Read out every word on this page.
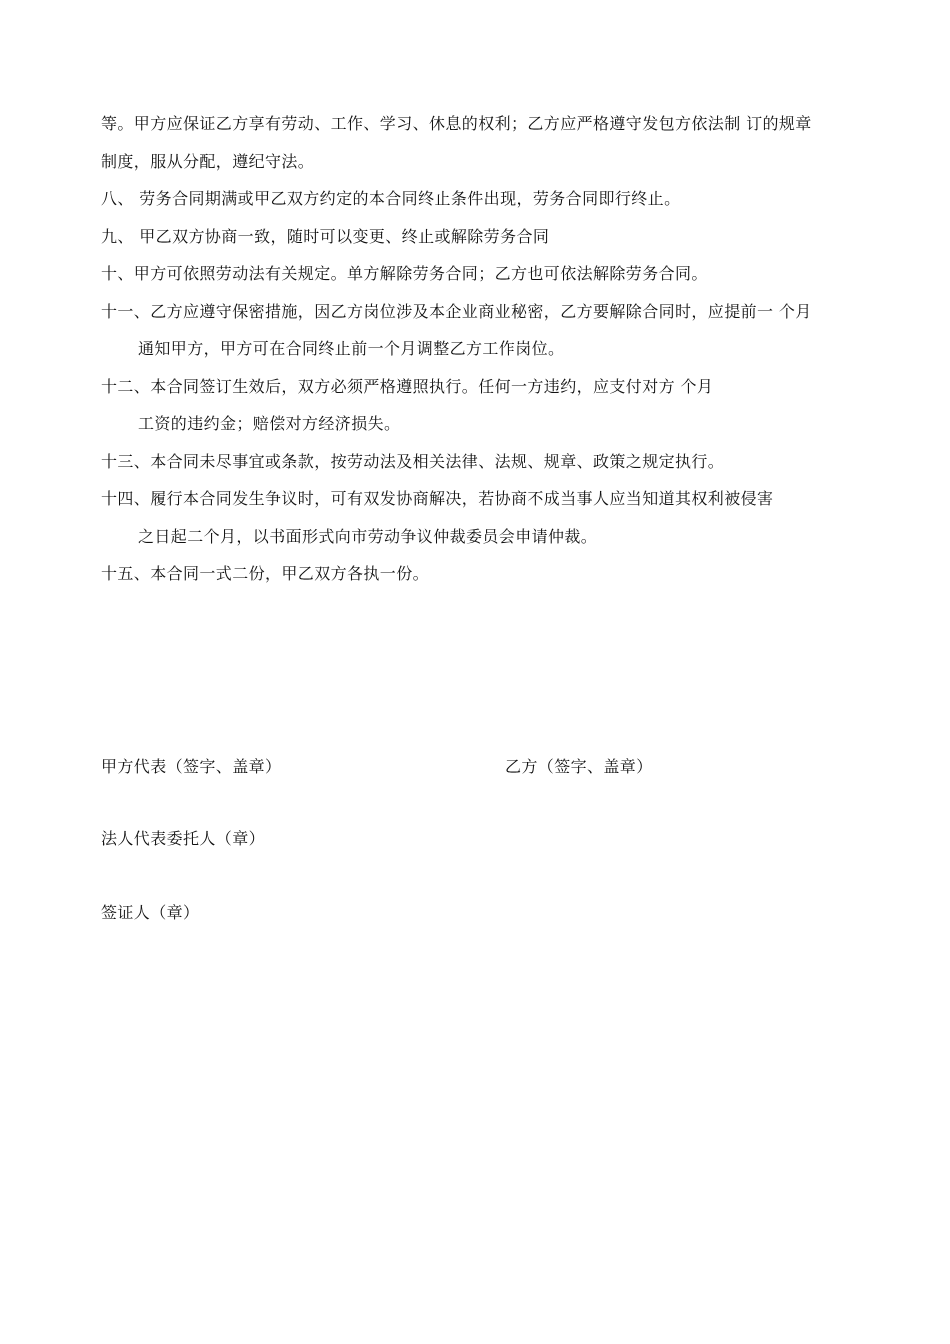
等。甲方应保证乙方享有劳动、工作、学习、休息的权利；乙方应严格遵守发包方依法制 订的规章
制度，服从分配，遵纪守法。
八、 劳务合同期满或甲乙双方约定的本合同终止条件出现，劳务合同即行终止。
九、 甲乙双方协商一致，随时可以变更、终止或解除劳务合同
十、甲方可依照劳动法有关规定。单方解除劳务合同；乙方也可依法解除劳务合同。
十一、乙方应遵守保密措施，因乙方岗位涉及本企业商业秘密，乙方要解除合同时，应提前一 个月
通知甲方，甲方可在合同终止前一个月调整乙方工作岗位。
十二、本合同签订生效后，双方必须严格遵照执行。任何一方违约，应支付对方 个月
工资的违约金；赔偿对方经济损失。
十三、本合同未尽事宜或条款，按劳动法及相关法律、法规、规章、政策之规定执行。
十四、履行本合同发生争议时，可有双发协商解决，若协商不成当事人应当知道其权利被侵害
之日起二个月，以书面形式向市劳动争议仲裁委员会申请仲裁。
十五、本合同一式二份，甲乙双方各执一份。
甲方代表（签字、盖章）	乙方（签字、盖章）
法人代表委托人（章）
签证人（章）
